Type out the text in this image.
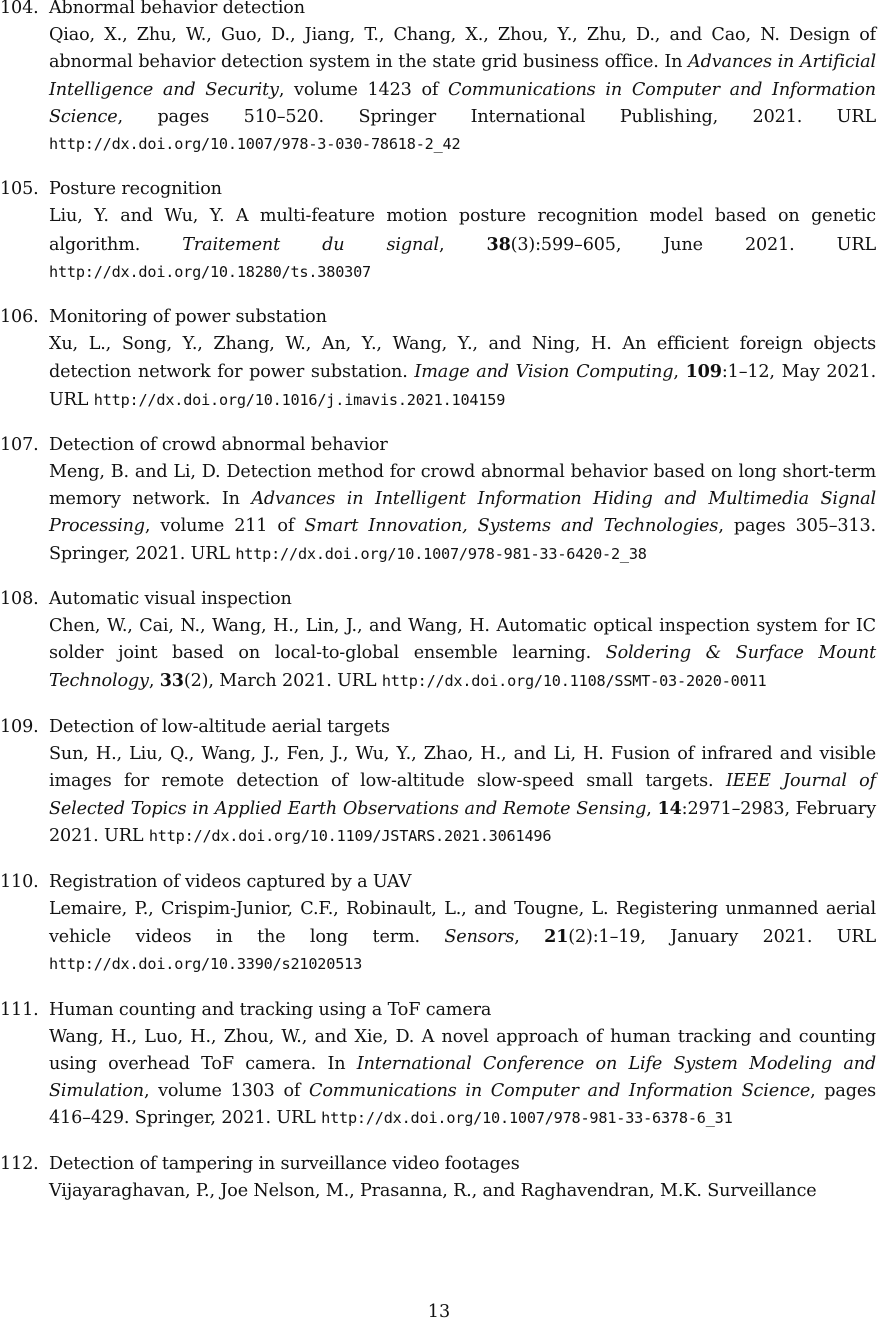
104. Abnormal behavior detection
Qiao, X., Zhu, W., Guo, D., Jiang, T., Chang, X., Zhou, Y., Zhu, D., and Cao, N. Design of abnormal behavior detection system in the state grid business office. In Advances in Artificial Intelligence and Security, volume 1423 of Communications in Computer and Information Science, pages 510–520. Springer International Publishing, 2021. URL http://dx.doi.org/10.1007/978-3-030-78618-2_42
105. Posture recognition
Liu, Y. and Wu, Y. A multi-feature motion posture recognition model based on genetic algorithm. Traitement du signal, 38(3):599–605, June 2021. URL http://dx.doi.org/10.18280/ts.380307
106. Monitoring of power substation
Xu, L., Song, Y., Zhang, W., An, Y., Wang, Y., and Ning, H. An efficient foreign objects detection network for power substation. Image and Vision Computing, 109:1–12, May 2021. URL http://dx.doi.org/10.1016/j.imavis.2021.104159
107. Detection of crowd abnormal behavior
Meng, B. and Li, D. Detection method for crowd abnormal behavior based on long short-term memory network. In Advances in Intelligent Information Hiding and Multimedia Signal Processing, volume 211 of Smart Innovation, Systems and Technologies, pages 305–313. Springer, 2021. URL http://dx.doi.org/10.1007/978-981-33-6420-2_38
108. Automatic visual inspection
Chen, W., Cai, N., Wang, H., Lin, J., and Wang, H. Automatic optical inspection system for IC solder joint based on local-to-global ensemble learning. Soldering & Surface Mount Technology, 33(2), March 2021. URL http://dx.doi.org/10.1108/SSMT-03-2020-0011
109. Detection of low-altitude aerial targets
Sun, H., Liu, Q., Wang, J., Fen, J., Wu, Y., Zhao, H., and Li, H. Fusion of infrared and visible images for remote detection of low-altitude slow-speed small targets. IEEE Journal of Selected Topics in Applied Earth Observations and Remote Sensing, 14:2971–2983, February 2021. URL http://dx.doi.org/10.1109/JSTARS.2021.3061496
110. Registration of videos captured by a UAV
Lemaire, P., Crispim-Junior, C.F., Robinault, L., and Tougne, L. Registering unmanned aerial vehicle videos in the long term. Sensors, 21(2):1–19, January 2021. URL http://dx.doi.org/10.3390/s21020513
111. Human counting and tracking using a ToF camera
Wang, H., Luo, H., Zhou, W., and Xie, D. A novel approach of human tracking and counting using overhead ToF camera. In International Conference on Life System Modeling and Simulation, volume 1303 of Communications in Computer and Information Science, pages 416–429. Springer, 2021. URL http://dx.doi.org/10.1007/978-981-33-6378-6_31
112. Detection of tampering in surveillance video footages
Vijayaraghavan, P., Joe Nelson, M., Prasanna, R., and Raghavendran, M.K. Surveillance
13
